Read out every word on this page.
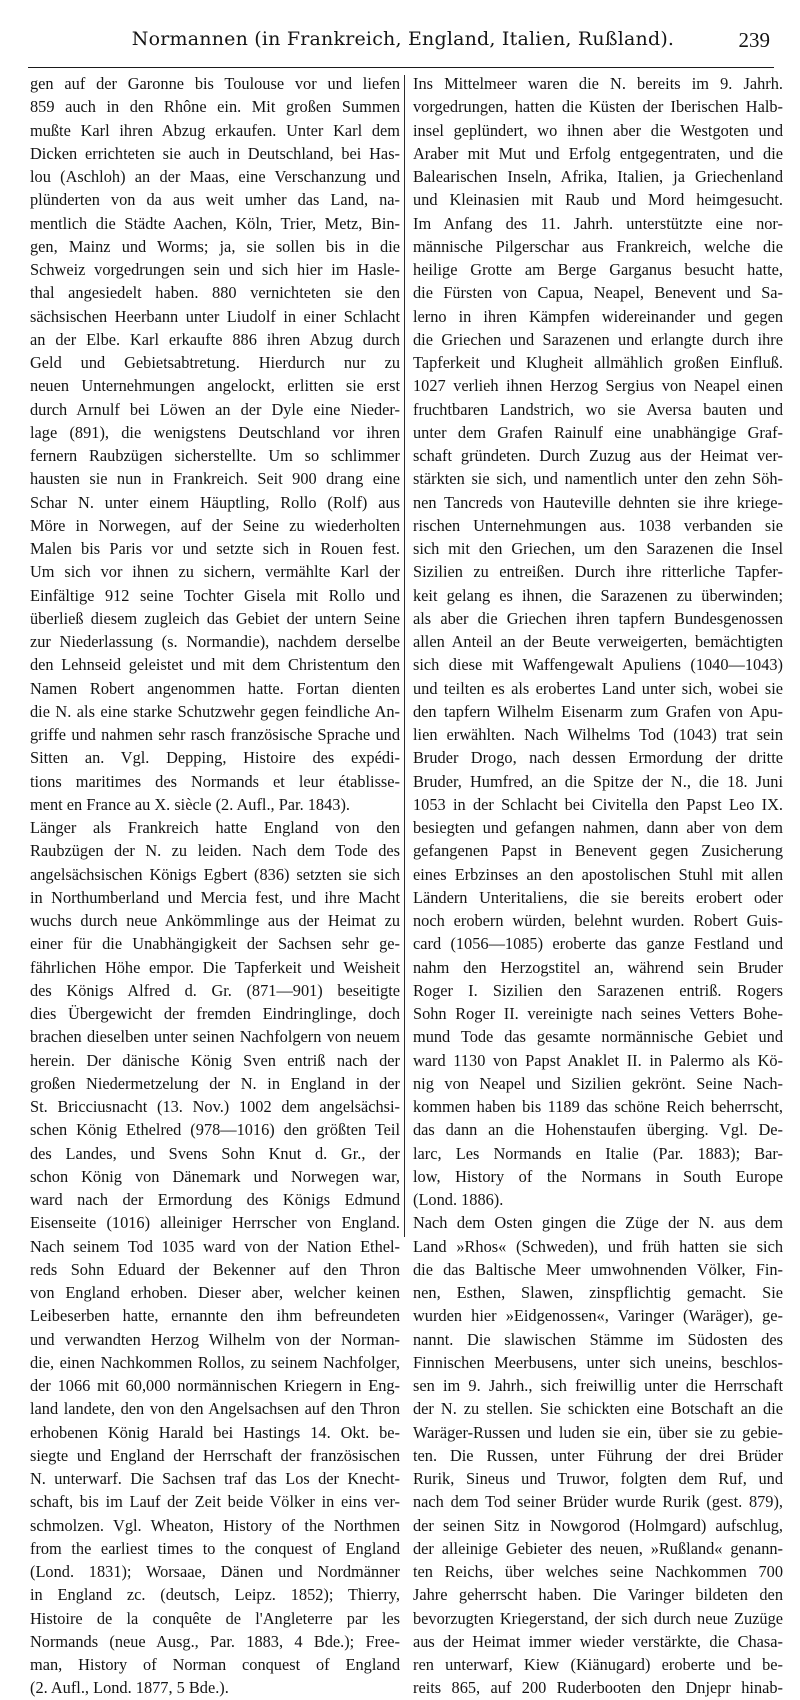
Normannen (in Frankreich, England, Italien, Rußland).	239
gen auf der Garonne bis Toulouse vor und liefen
859 auch in den Rhône ein. Mit großen Summen
mußte Karl ihren Abzug erkaufen. Unter Karl dem
Dicken errichteten sie auch in Deutschland, bei Has-
lou (Aschloh) an der Maas, eine Verschanzung und
plünderten von da aus weit umher das Land, na-
mentlich die Städte Aachen, Köln, Trier, Metz, Bin-
gen, Mainz und Worms; ja, sie sollen bis in die
Schweiz vorgedrungen sein und sich hier im Hasle-
thal angesiedelt haben. 880 vernichteten sie den
sächsischen Heerbann unter Liudolf in einer Schlacht
an der Elbe. Karl erkaufte 886 ihren Abzug durch
Geld und Gebietsabtretung. Hierdurch nur zu
neuen Unternehmungen angelockt, erlitten sie erst
durch Arnulf bei Löwen an der Dyle eine Nieder-
lage (891), die wenigstens Deutschland vor ihren
fernern Raubzügen sicherstellte. Um so schlimmer
hausten sie nun in Frankreich. Seit 900 drang eine
Schar N. unter einem Häuptling, Rollo (Rolf) aus
Möre in Norwegen, auf der Seine zu wiederholten
Malen bis Paris vor und setzte sich in Rouen fest.
Um sich vor ihnen zu sichern, vermählte Karl der
Einfältige 912 seine Tochter Gisela mit Rollo und
überließ diesem zugleich das Gebiet der untern Seine
zur Niederlassung (s. Normandie), nachdem derselbe
den Lehnseid geleistet und mit dem Christentum den
Namen Robert angenommen hatte. Fortan dienten
die N. als eine starke Schutzwehr gegen feindliche An-
griffe und nahmen sehr rasch französische Sprache und
Sitten an. Vgl. Depping, Histoire des expédi-
tions maritimes des Normands et leur établisse-
ment en France au X. siècle (2. Aufl., Par. 1843).
Länger als Frankreich hatte England von den
Raubzügen der N. zu leiden. Nach dem Tode des
angelsächsischen Königs Egbert (836) setzten sie sich
in Northumberland und Mercia fest, und ihre Macht
wuchs durch neue Ankömmlinge aus der Heimat zu
einer für die Unabhängigkeit der Sachsen sehr ge-
fährlichen Höhe empor. Die Tapferkeit und Weisheit
des Königs Alfred d. Gr. (871—901) beseitigte
dies Übergewicht der fremden Eindringlinge, doch
brachen dieselben unter seinen Nachfolgern von neuem
herein. Der dänische König Sven entriß nach der
großen Niedermetzelung der N. in England in der
St. Bricciusnacht (13. Nov.) 1002 dem angelsächsi-
schen König Ethelred (978—1016) den größten Teil
des Landes, und Svens Sohn Knut d. Gr., der
schon König von Dänemark und Norwegen war,
ward nach der Ermordung des Königs Edmund
Eisenseite (1016) alleiniger Herrscher von England.
Nach seinem Tod 1035 ward von der Nation Ethel-
reds Sohn Eduard der Bekenner auf den Thron
von England erhoben. Dieser aber, welcher keinen
Leibeserben hatte, ernannte den ihm befreundeten
und verwandten Herzog Wilhelm von der Norman-
die, einen Nachkommen Rollos, zu seinem Nachfolger,
der 1066 mit 60,000 normännischen Kriegern in Eng-
land landete, den von den Angelsachsen auf den Thron
erhobenen König Harald bei Hastings 14. Okt. be-
siegte und England der Herrschaft der französischen
N. unterwarf. Die Sachsen traf das Los der Knecht-
schaft, bis im Lauf der Zeit beide Völker in eins ver-
schmolzen. Vgl. Wheaton, History of the Northmen
from the earliest times to the conquest of England
(Lond. 1831); Worsaae, Dänen und Nordmänner
in England zc. (deutsch, Leipz. 1852); Thierry,
Histoire de la conquête de l'Angleterre par les
Normands (neue Ausg., Par. 1883, 4 Bde.); Free-
man, History of Norman conquest of England
(2. Aufl., Lond. 1877, 5 Bde.).
Ins Mittelmeer waren die N. bereits im 9. Jahrh.
vorgedrungen, hatten die Küsten der Iberischen Halb-
insel geplündert, wo ihnen aber die Westgoten und
Araber mit Mut und Erfolg entgegentraten, und die
Balearischen Inseln, Afrika, Italien, ja Griechenland
und Kleinasien mit Raub und Mord heimgesucht.
Im Anfang des 11. Jahrh. unterstützte eine nor-
männische Pilgerschar aus Frankreich, welche die
heilige Grotte am Berge Garganus besucht hatte,
die Fürsten von Capua, Neapel, Benevent und Sa-
lerno in ihren Kämpfen widereinander und gegen
die Griechen und Sarazenen und erlangte durch ihre
Tapferkeit und Klugheit allmählich großen Einfluß.
1027 verlieh ihnen Herzog Sergius von Neapel einen
fruchtbaren Landstrich, wo sie Aversa bauten und
unter dem Grafen Rainulf eine unabhängige Graf-
schaft gründeten. Durch Zuzug aus der Heimat ver-
stärkten sie sich, und namentlich unter den zehn Söh-
nen Tancreds von Hauteville dehnten sie ihre kriege-
rischen Unternehmungen aus. 1038 verbanden sie
sich mit den Griechen, um den Sarazenen die Insel
Sizilien zu entreißen. Durch ihre ritterliche Tapfer-
keit gelang es ihnen, die Sarazenen zu überwinden;
als aber die Griechen ihren tapfern Bundesgenossen
allen Anteil an der Beute verweigerten, bemächtigten
sich diese mit Waffengewalt Apuliens (1040—1043)
und teilten es als erobertes Land unter sich, wobei sie
den tapfern Wilhelm Eisenarm zum Grafen von Apu-
lien erwählten. Nach Wilhelms Tod (1043) trat sein
Bruder Drogo, nach dessen Ermordung der dritte
Bruder, Humfred, an die Spitze der N., die 18. Juni
1053 in der Schlacht bei Civitella den Papst Leo IX.
besiegten und gefangen nahmen, dann aber von dem
gefangenen Papst in Benevent gegen Zusicherung
eines Erbzinses an den apostolischen Stuhl mit allen
Ländern Unteritaliens, die sie bereits erobert oder
noch erobern würden, belehnt wurden. Robert Guis-
card (1056—1085) eroberte das ganze Festland und
nahm den Herzogstitel an, während sein Bruder
Roger I. Sizilien den Sarazenen entriß. Rogers
Sohn Roger II. vereinigte nach seines Vetters Bohe-
mund Tode das gesamte normännische Gebiet und
ward 1130 von Papst Anaklet II. in Palermo als Kö-
nig von Neapel und Sizilien gekrönt. Seine Nach-
kommen haben bis 1189 das schöne Reich beherrscht,
das dann an die Hohenstaufen überging. Vgl. De-
larc, Les Normands en Italie (Par. 1883); Bar-
low, History of the Normans in South Europe
(Lond. 1886).
Nach dem Osten gingen die Züge der N. aus dem
Land »Rhos« (Schweden), und früh hatten sie sich
die das Baltische Meer umwohnenden Völker, Fin-
nen, Esthen, Slawen, zinspflichtig gemacht. Sie
wurden hier »Eidgenossen«, Varinger (Waräger), ge-
nannt. Die slawischen Stämme im Südosten des
Finnischen Meerbusens, unter sich uneins, beschlos-
sen im 9. Jahrh., sich freiwillig unter die Herrschaft
der N. zu stellen. Sie schickten eine Botschaft an die
Waräger-Russen und luden sie ein, über sie zu gebie-
ten. Die Russen, unter Führung der drei Brüder
Rurik, Sineus und Truwor, folgten dem Ruf, und
nach dem Tod seiner Brüder wurde Rurik (gest. 879),
der seinen Sitz in Nowgorod (Holmgard) aufschlug,
der alleinige Gebieter des neuen, »Rußland« genann-
ten Reichs, über welches seine Nachkommen 700
Jahre geherrscht haben. Die Varinger bildeten den
bevorzugten Kriegerstand, der sich durch neue Zuzüge
aus der Heimat immer wieder verstärkte, die Chasa-
ren unterwarf, Kiew (Kiänugard) eroberte und be-
reits 865, auf 200 Ruderbooten den Dnjepr hinab-
